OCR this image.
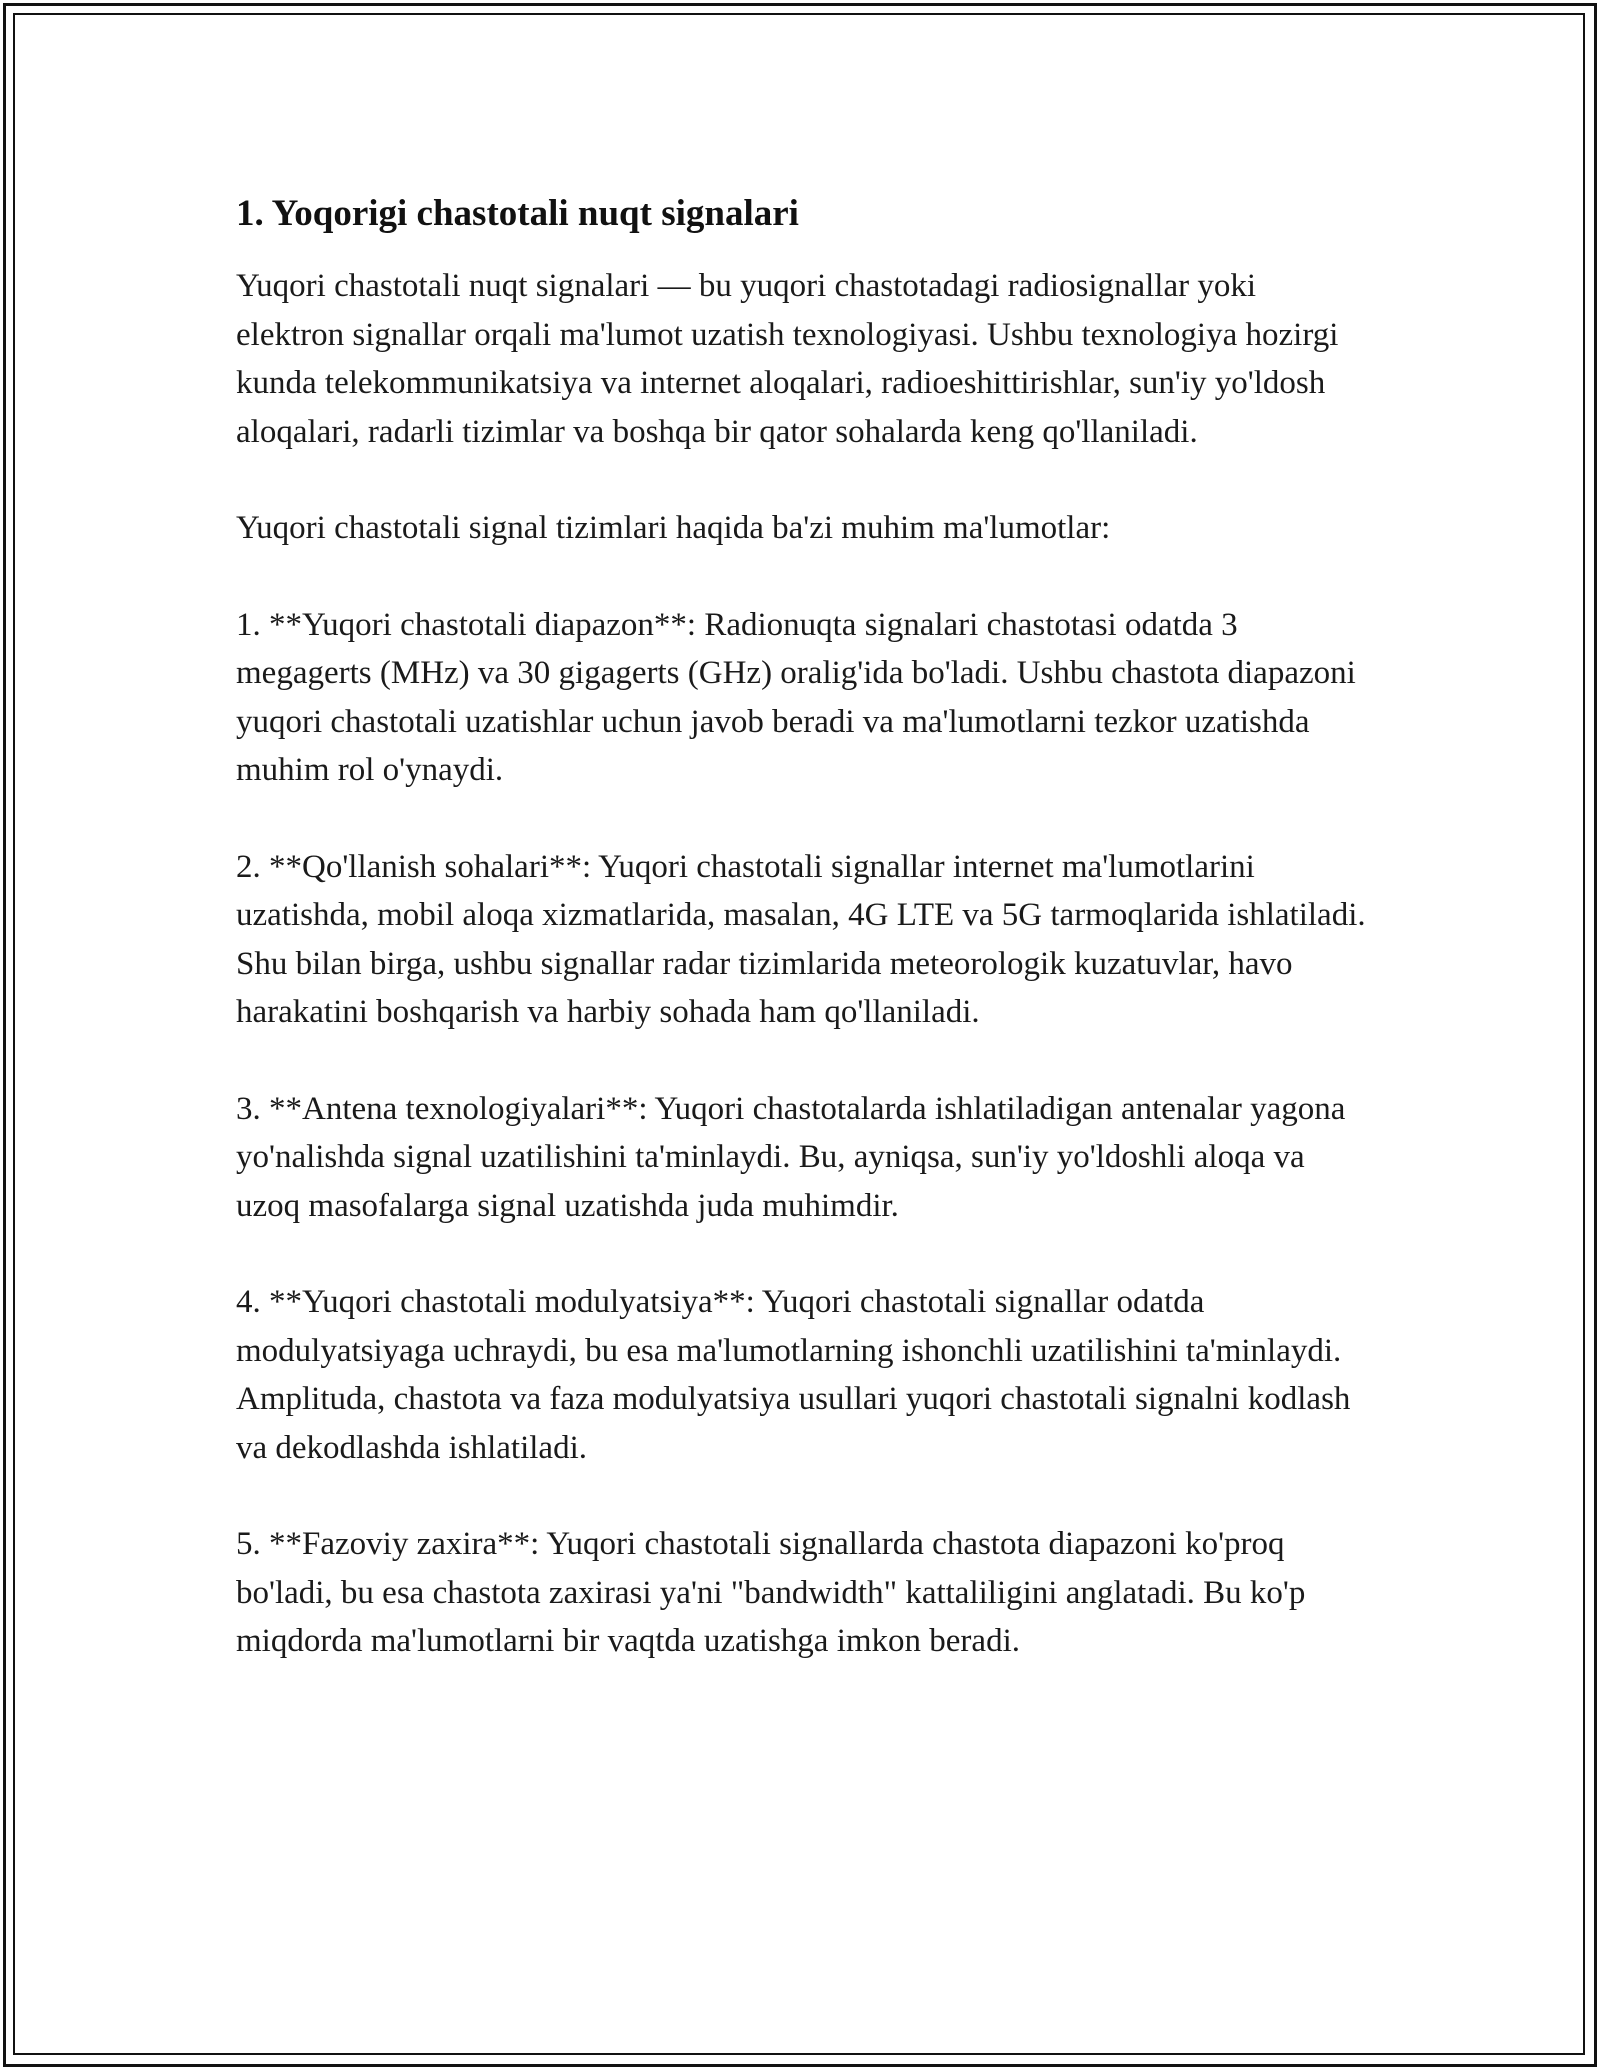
1. Yoqorigi chastotali nuqt signalari

Yuqori chastotali nuqt signalari — bu yuqori chastotadagi radiosignallar yoki elektron signallar orqali ma'lumot uzatish texnologiyasi. Ushbu texnologiya hozirgi kunda telekommunikatsiya va internet aloqalari, radioeshittirishlar, sun'iy yo'ldosh aloqalari, radarli tizimlar va boshqa bir qator sohalarda keng qo'llaniladi.

Yuqori chastotali signal tizimlari haqida ba'zi muhim ma'lumotlar:

1. **Yuqori chastotali diapazon**: Radionuqta signalari chastotasi odatda 3 megagerts (MHz) va 30 gigagerts (GHz) oralig'ida bo'ladi. Ushbu chastota diapazoni yuqori chastotali uzatishlar uchun javob beradi va ma'lumotlarni tezkor uzatishda muhim rol o'ynaydi.

2. **Qo'llanish sohalari**: Yuqori chastotali signallar internet ma'lumotlarini uzatishda, mobil aloqa xizmatlarida, masalan, 4G LTE va 5G tarmoqlarida ishlatiladi. Shu bilan birga, ushbu signallar radar tizimlarida meteorologik kuzatuvlar, havo harakatini boshqarish va harbiy sohada ham qo'llaniladi.

3. **Antena texnologiyalari**: Yuqori chastotalarda ishlatiladigan antenalar yagona yo'nalishda signal uzatilishini ta'minlaydi. Bu, ayniqsa, sun'iy yo'ldoshli aloqa va uzoq masofalarga signal uzatishda juda muhimdir.

4. **Yuqori chastotali modulyatsiya**: Yuqori chastotali signallar odatda modulyatsiyaga uchraydi, bu esa ma'lumotlarning ishonchli uzatilishini ta'minlaydi. Amplituda, chastota va faza modulyatsiya usullari yuqori chastotali signalni kodlash va dekodlashda ishlatiladi.

5. **Fazoviy zaxira**: Yuqori chastotali signallarda chastota diapazoni ko'proq bo'ladi, bu esa chastota zaxirasi ya'ni "bandwidth" kattaliligini anglatadi. Bu ko'p miqdorda ma'lumotlarni bir vaqtda uzatishga imkon beradi.
